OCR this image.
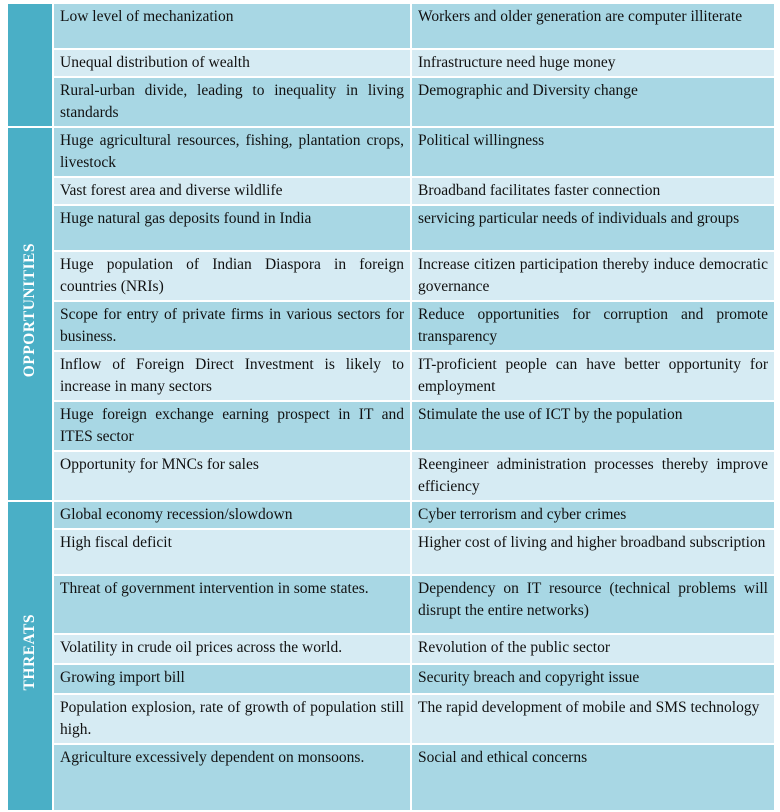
	Low level of mechanization	Workers and older generation are computer illiterate
	Unequal distribution of wealth	Infrastructure need huge money
	Rural-urban divide, leading to inequality in living standards	Demographic and Diversity change
OPPORTUNITIES	Huge agricultural resources, fishing, plantation crops, livestock	Political willingness
	Vast forest area and diverse wildlife	Broadband facilitates faster connection
	Huge natural gas deposits found in India	servicing particular needs of individuals and groups
	Huge population of Indian Diaspora in foreign countries (NRIs)	Increase citizen participation thereby induce democratic governance
	Scope for entry of private firms in various sectors for business.	Reduce opportunities for corruption and promote transparency
	Inflow of Foreign Direct Investment is likely to increase in many sectors	IT-proficient people can have better opportunity for employment
	Huge foreign exchange earning prospect in IT and ITES sector	Stimulate the use of ICT by the population
	Opportunity for MNCs for sales	Reengineer administration processes thereby improve efficiency
THREATS	Global economy recession/slowdown	Cyber terrorism and cyber crimes
	High fiscal deficit	Higher cost of living and higher broadband subscription
	Threat of government intervention in some states.	Dependency on IT resource (technical problems will disrupt the entire networks)
	Volatility in crude oil prices across the world.	Revolution of the public sector
	Growing import bill	Security breach and copyright issue
	Population explosion, rate of growth of population still high.	The rapid development of mobile and SMS technology
	Agriculture excessively dependent on monsoons.	Social and ethical concerns
